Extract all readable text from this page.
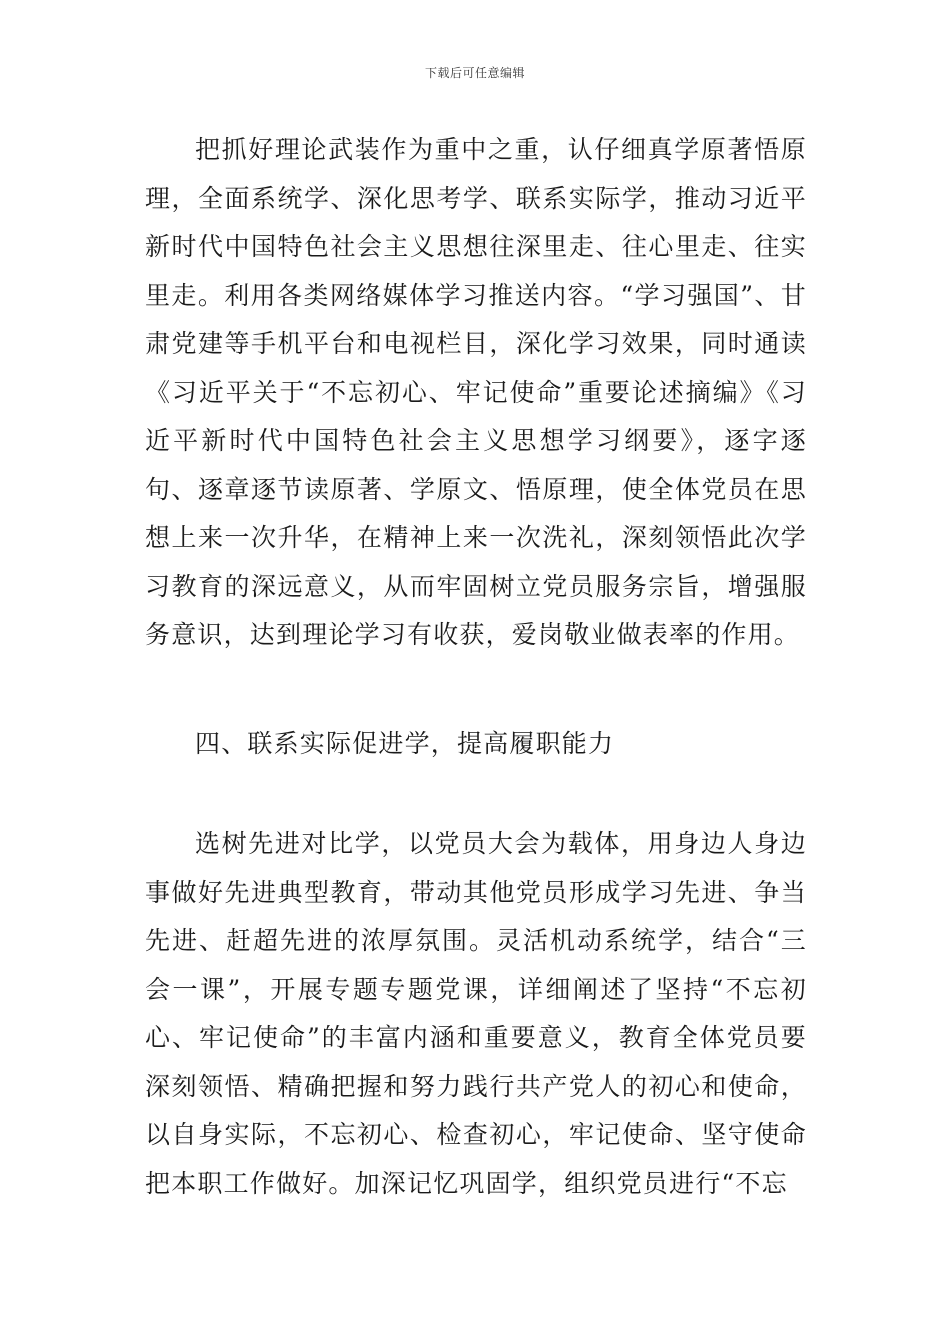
下载后可任意编辑

把抓好理论武装作为重中之重，认仔细真学原著悟原理，全面系统学、深化思考学、联系实际学，推动习近平新时代中国特色社会主义思想往深里走、往心里走、往实里走。利用各类网络媒体学习推送内容。“学习强国”、甘肃党建等手机平台和电视栏目，深化学习效果，同时通读《习近平关于“不忘初心、牢记使命”重要论述摘编》《习近平新时代中国特色社会主义思想学习纲要》，逐字逐句、逐章逐节读原著、学原文、悟原理，使全体党员在思想上来一次升华，在精神上来一次洗礼，深刻领悟此次学习教育的深远意义，从而牢固树立党员服务宗旨，增强服务意识，达到理论学习有收获，爱岗敬业做表率的作用。

四、联系实际促进学，提高履职能力

选树先进对比学，以党员大会为载体，用身边人身边事做好先进典型教育，带动其他党员形成学习先进、争当先进、赶超先进的浓厚氛围。灵活机动系统学，结合“三会一课”，开展专题专题党课，详细阐述了坚持“不忘初心、牢记使命”的丰富内涵和重要意义，教育全体党员要深刻领悟、精确把握和努力践行共产党人的初心和使命，以自身实际，不忘初心、检查初心，牢记使命、坚守使命把本职工作做好。加深记忆巩固学，组织党员进行“不忘
